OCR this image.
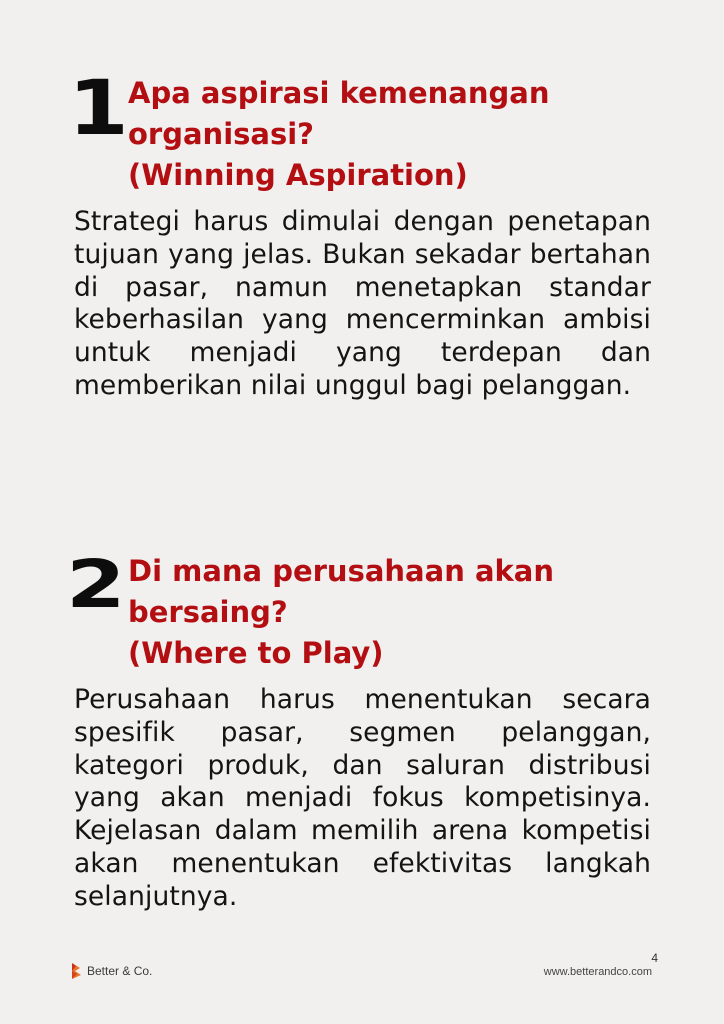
1 Apa aspirasi kemenangan
organisasi?
(Winning Aspiration)

Strategi harus dimulai dengan penetapan tujuan yang jelas. Bukan sekadar bertahan di pasar, namun menetapkan standar keberhasilan yang mencerminkan ambisi untuk menjadi yang terdepan dan memberikan nilai unggul bagi pelanggan.

2 Di mana perusahaan akan
bersaing?
(Where to Play)

Perusahaan harus menentukan secara spesifik pasar, segmen pelanggan, kategori produk, dan saluran distribusi yang akan menjadi fokus kompetisinya. Kejelasan dalam memilih arena kompetisi akan menentukan efektivitas langkah selanjutnya.

Better & Co.
4
www.betterandco.com
